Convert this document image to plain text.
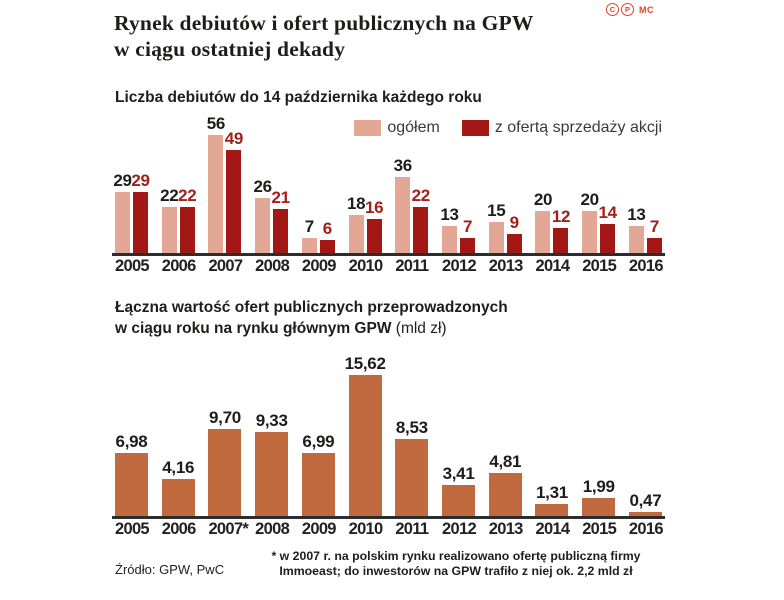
C	P	MC
Rynek debiutów i ofert publicznych na GPW
w ciągu ostatniej dekady
Liczba debiutów do 14 października każdego roku
ogółem	z ofertą sprzedaży akcji
29 29
22 22
56
49
26
21
7 6
18 16
36
22
13
7
15
9
20
12
20
14 13
7
2005 2006 2007 2008 2009 2010 2011 2012 2013 2014 2015 2016
Łączna wartość ofert publicznych przeprowadzonych
w ciągu roku na rynku głównym GPW (mld zł)
6,98
4,16
9,70 9,33
6,99
15,62
8,53
3,41
4,81
1,31 1,99
0,47
2005 2006 2007* 2008 2009 2010 2011 2012 2013 2014 2015 2016
Źródło: GPW, PwC
* w 2007 r. na polskim rynku realizowano ofertę publiczną firmy
Immoeast; do inwestorów na GPW trafiło z niej ok. 2,2 mld zł
